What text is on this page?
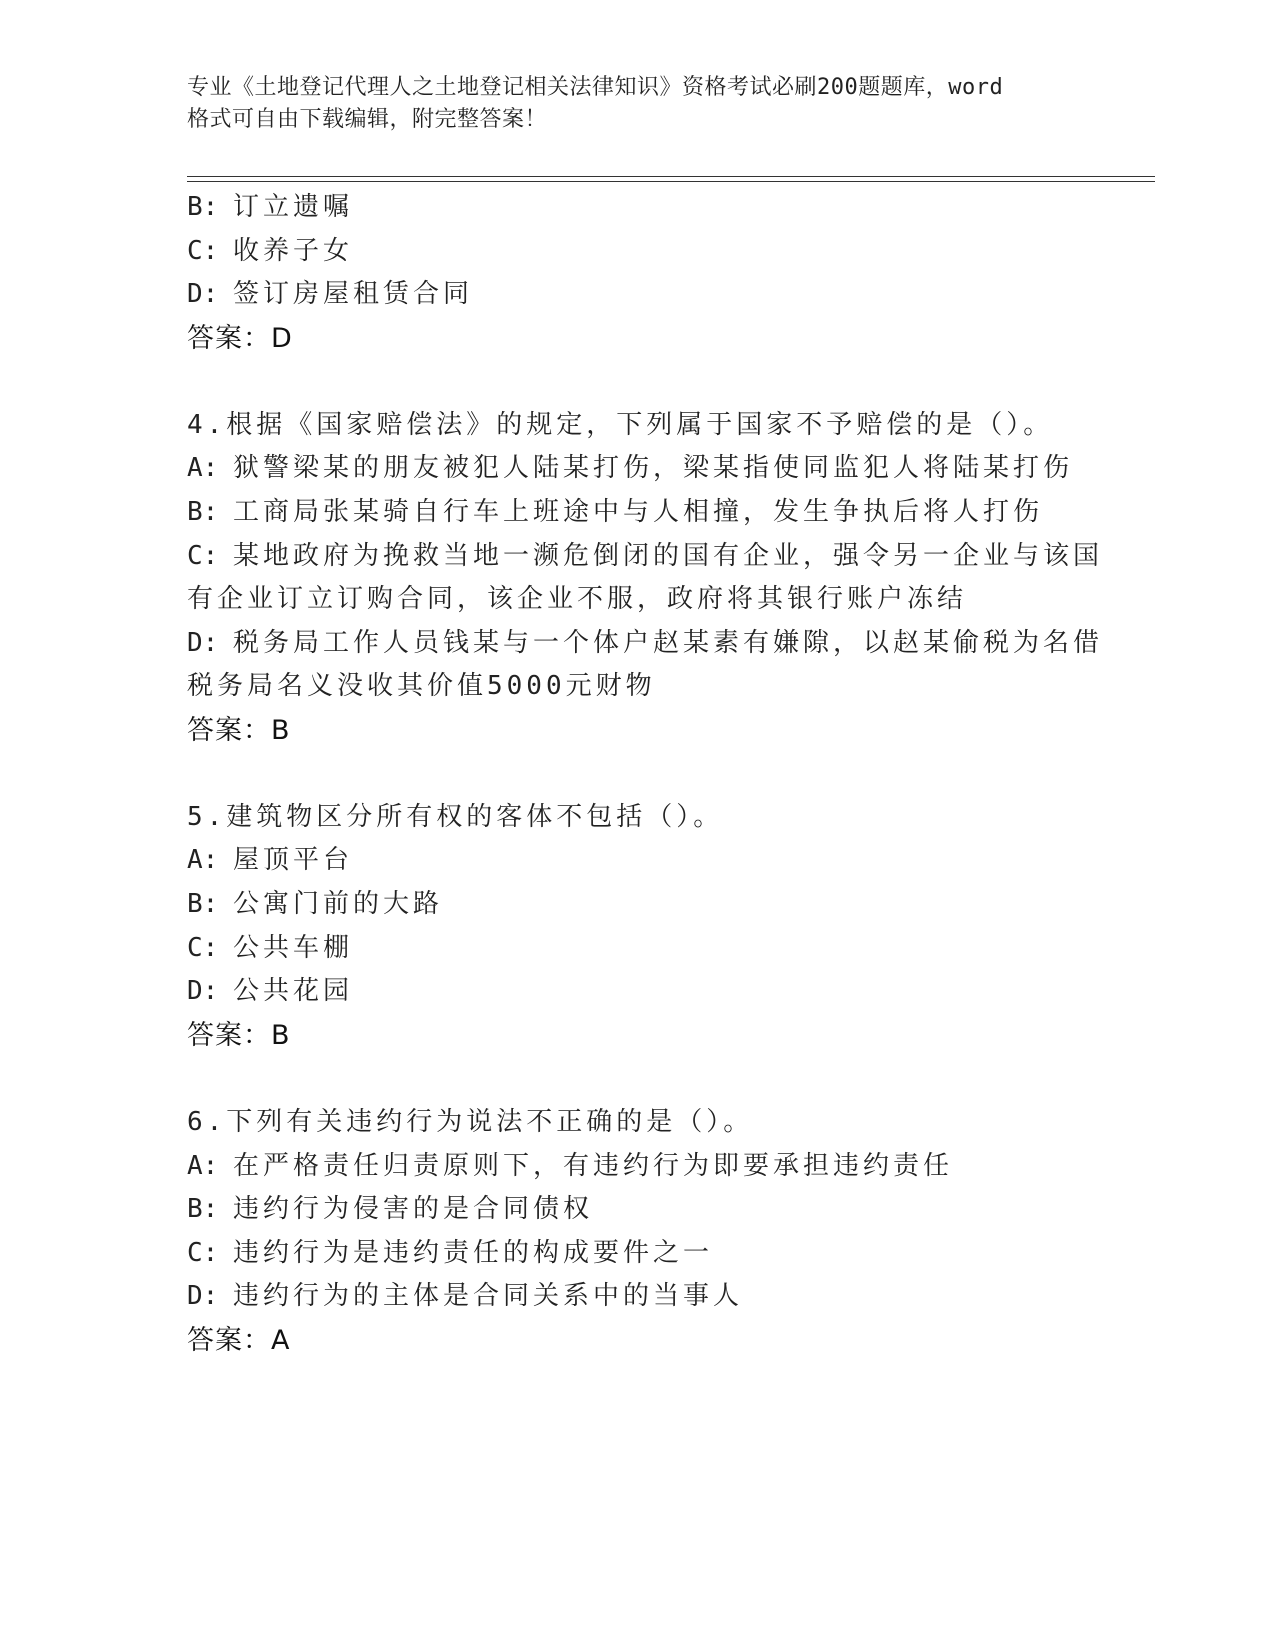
专业《土地登记代理人之土地登记相关法律知识》资格考试必刷200题题库，word
格式可自由下载编辑，附完整答案！
B: 订立遗嘱
C: 收养子女
D: 签订房屋租赁合同
答案：D
4.根据《国家赔偿法》的规定，下列属于国家不予赔偿的是（）。
A: 狱警梁某的朋友被犯人陆某打伤，梁某指使同监犯人将陆某打伤
B: 工商局张某骑自行车上班途中与人相撞，发生争执后将人打伤
C: 某地政府为挽救当地一濒危倒闭的国有企业，强令另一企业与该国
有企业订立订购合同，该企业不服，政府将其银行账户冻结
D: 税务局工作人员钱某与一个体户赵某素有嫌隙，以赵某偷税为名借
税务局名义没收其价值5000元财物
答案：B
5.建筑物区分所有权的客体不包括（）。
A: 屋顶平台
B: 公寓门前的大路
C: 公共车棚
D: 公共花园
答案：B
6.下列有关违约行为说法不正确的是（）。
A: 在严格责任归责原则下，有违约行为即要承担违约责任
B: 违约行为侵害的是合同债权
C: 违约行为是违约责任的构成要件之一
D: 违约行为的主体是合同关系中的当事人
答案：A
